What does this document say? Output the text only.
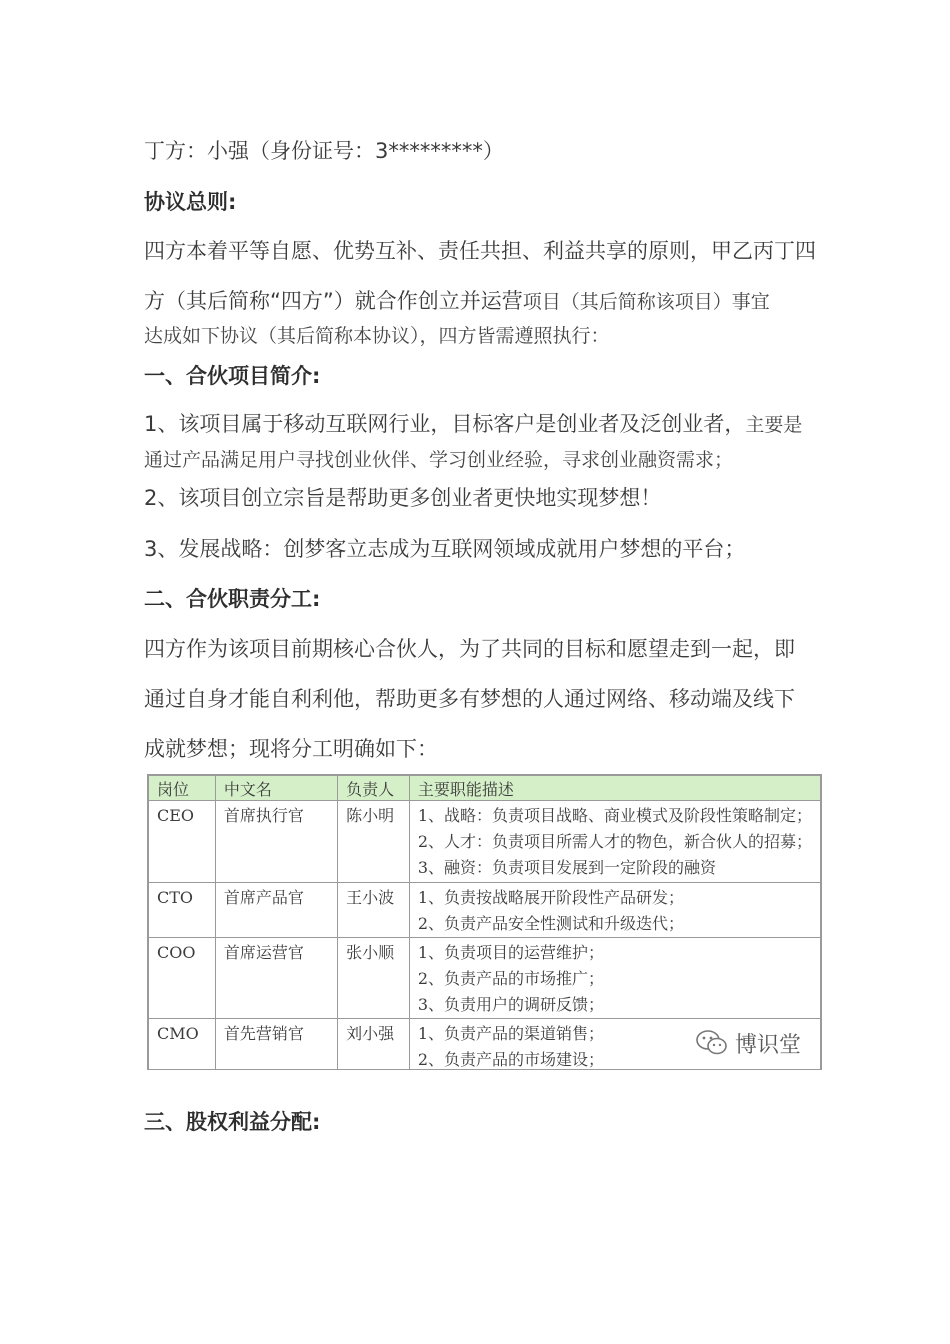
丁方：小强（身份证号：3*********）
协议总则:
四方本着平等自愿、优势互补、责任共担、利益共享的原则，甲乙丙丁四
方（其后简称“四方”）就合作创立并运营项目（其后简称该项目）事宜
达成如下协议（其后简称本协议），四方皆需遵照执行：
一、合伙项目简介:
1、该项目属于移动互联网行业，目标客户是创业者及泛创业者，主要是
通过产品满足用户寻找创业伙伴、学习创业经验，寻求创业融资需求；
2、该项目创立宗旨是帮助更多创业者更快地实现梦想！
3、发展战略：创梦客立志成为互联网领域成就用户梦想的平台；
二、合伙职责分工:
四方作为该项目前期核心合伙人，为了共同的目标和愿望走到一起，即
通过自身才能自利利他，帮助更多有梦想的人通过网络、移动端及线下
成就梦想；现将分工明确如下：
岗位	中文名	负责人	主要职能描述

CEO	首席执行官	陈小明	1、战略：负责项目战略、商业模式及阶段性策略制定；
2、人才：负责项目所需人才的物色，新合伙人的招募；
3、融资：负责项目发展到一定阶段的融资

CTO	首席产品官	王小波	1、负责按战略展开阶段性产品研发；
2、负责产品安全性测试和升级迭代；

COO	首席运营官	张小顺	1、负责项目的运营维护；
2、负责产品的市场推广；
3、负责用户的调研反馈；

CMO	首先营销官	刘小强	1、负责产品的渠道销售；
2、负责产品的市场建设；
博识堂
三、股权利益分配:
